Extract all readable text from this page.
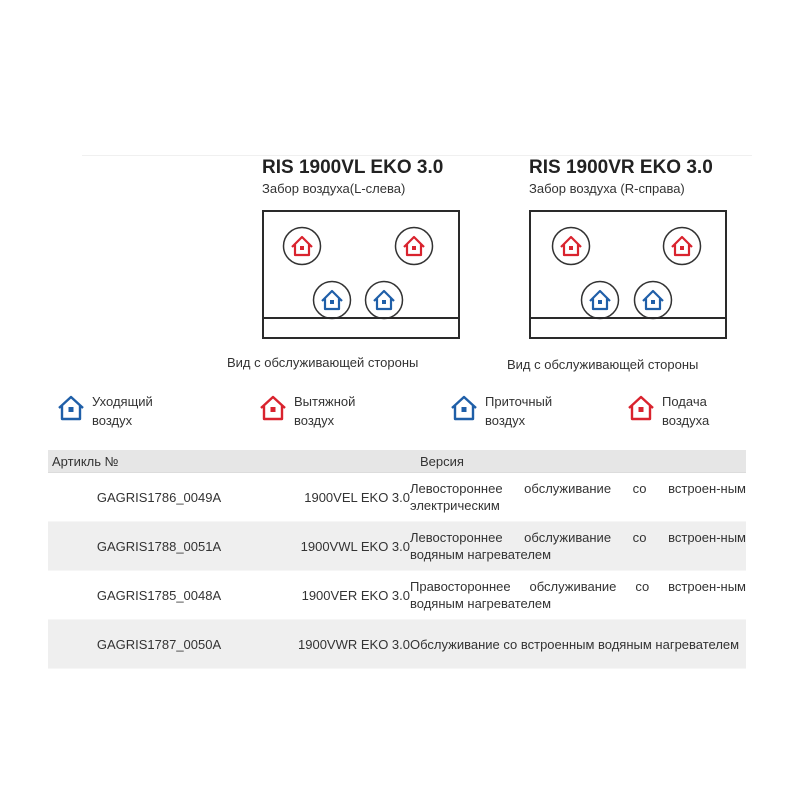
RIS 1900VL EKO 3.0
Забор воздуха(L-слева)
Вид с обслуживающей стороны
RIS 1900VR EKO 3.0
Забор воздуха (R-справа)
Вид с обслуживающей стороны
Уходящий воздух
Вытяжной воздух
Приточный воздух
Подача воздуха
Артикль №		Версия
GAGRIS1786_0049A	1900VEL EKO 3.0	Левостороннее обслуживание со встроен-ным электрическим
GAGRIS1788_0051A	1900VWL EKO 3.0	Левостороннее обслуживание со встроен-ным водяным нагревателем
GAGRIS1785_0048A	1900VER EKO 3.0	Правостороннее обслуживание со встроен-ным водяным нагревателем
GAGRIS1787_0050A	1900VWR EKO 3.0	Обслуживание со встроенным водяным нагревателем
